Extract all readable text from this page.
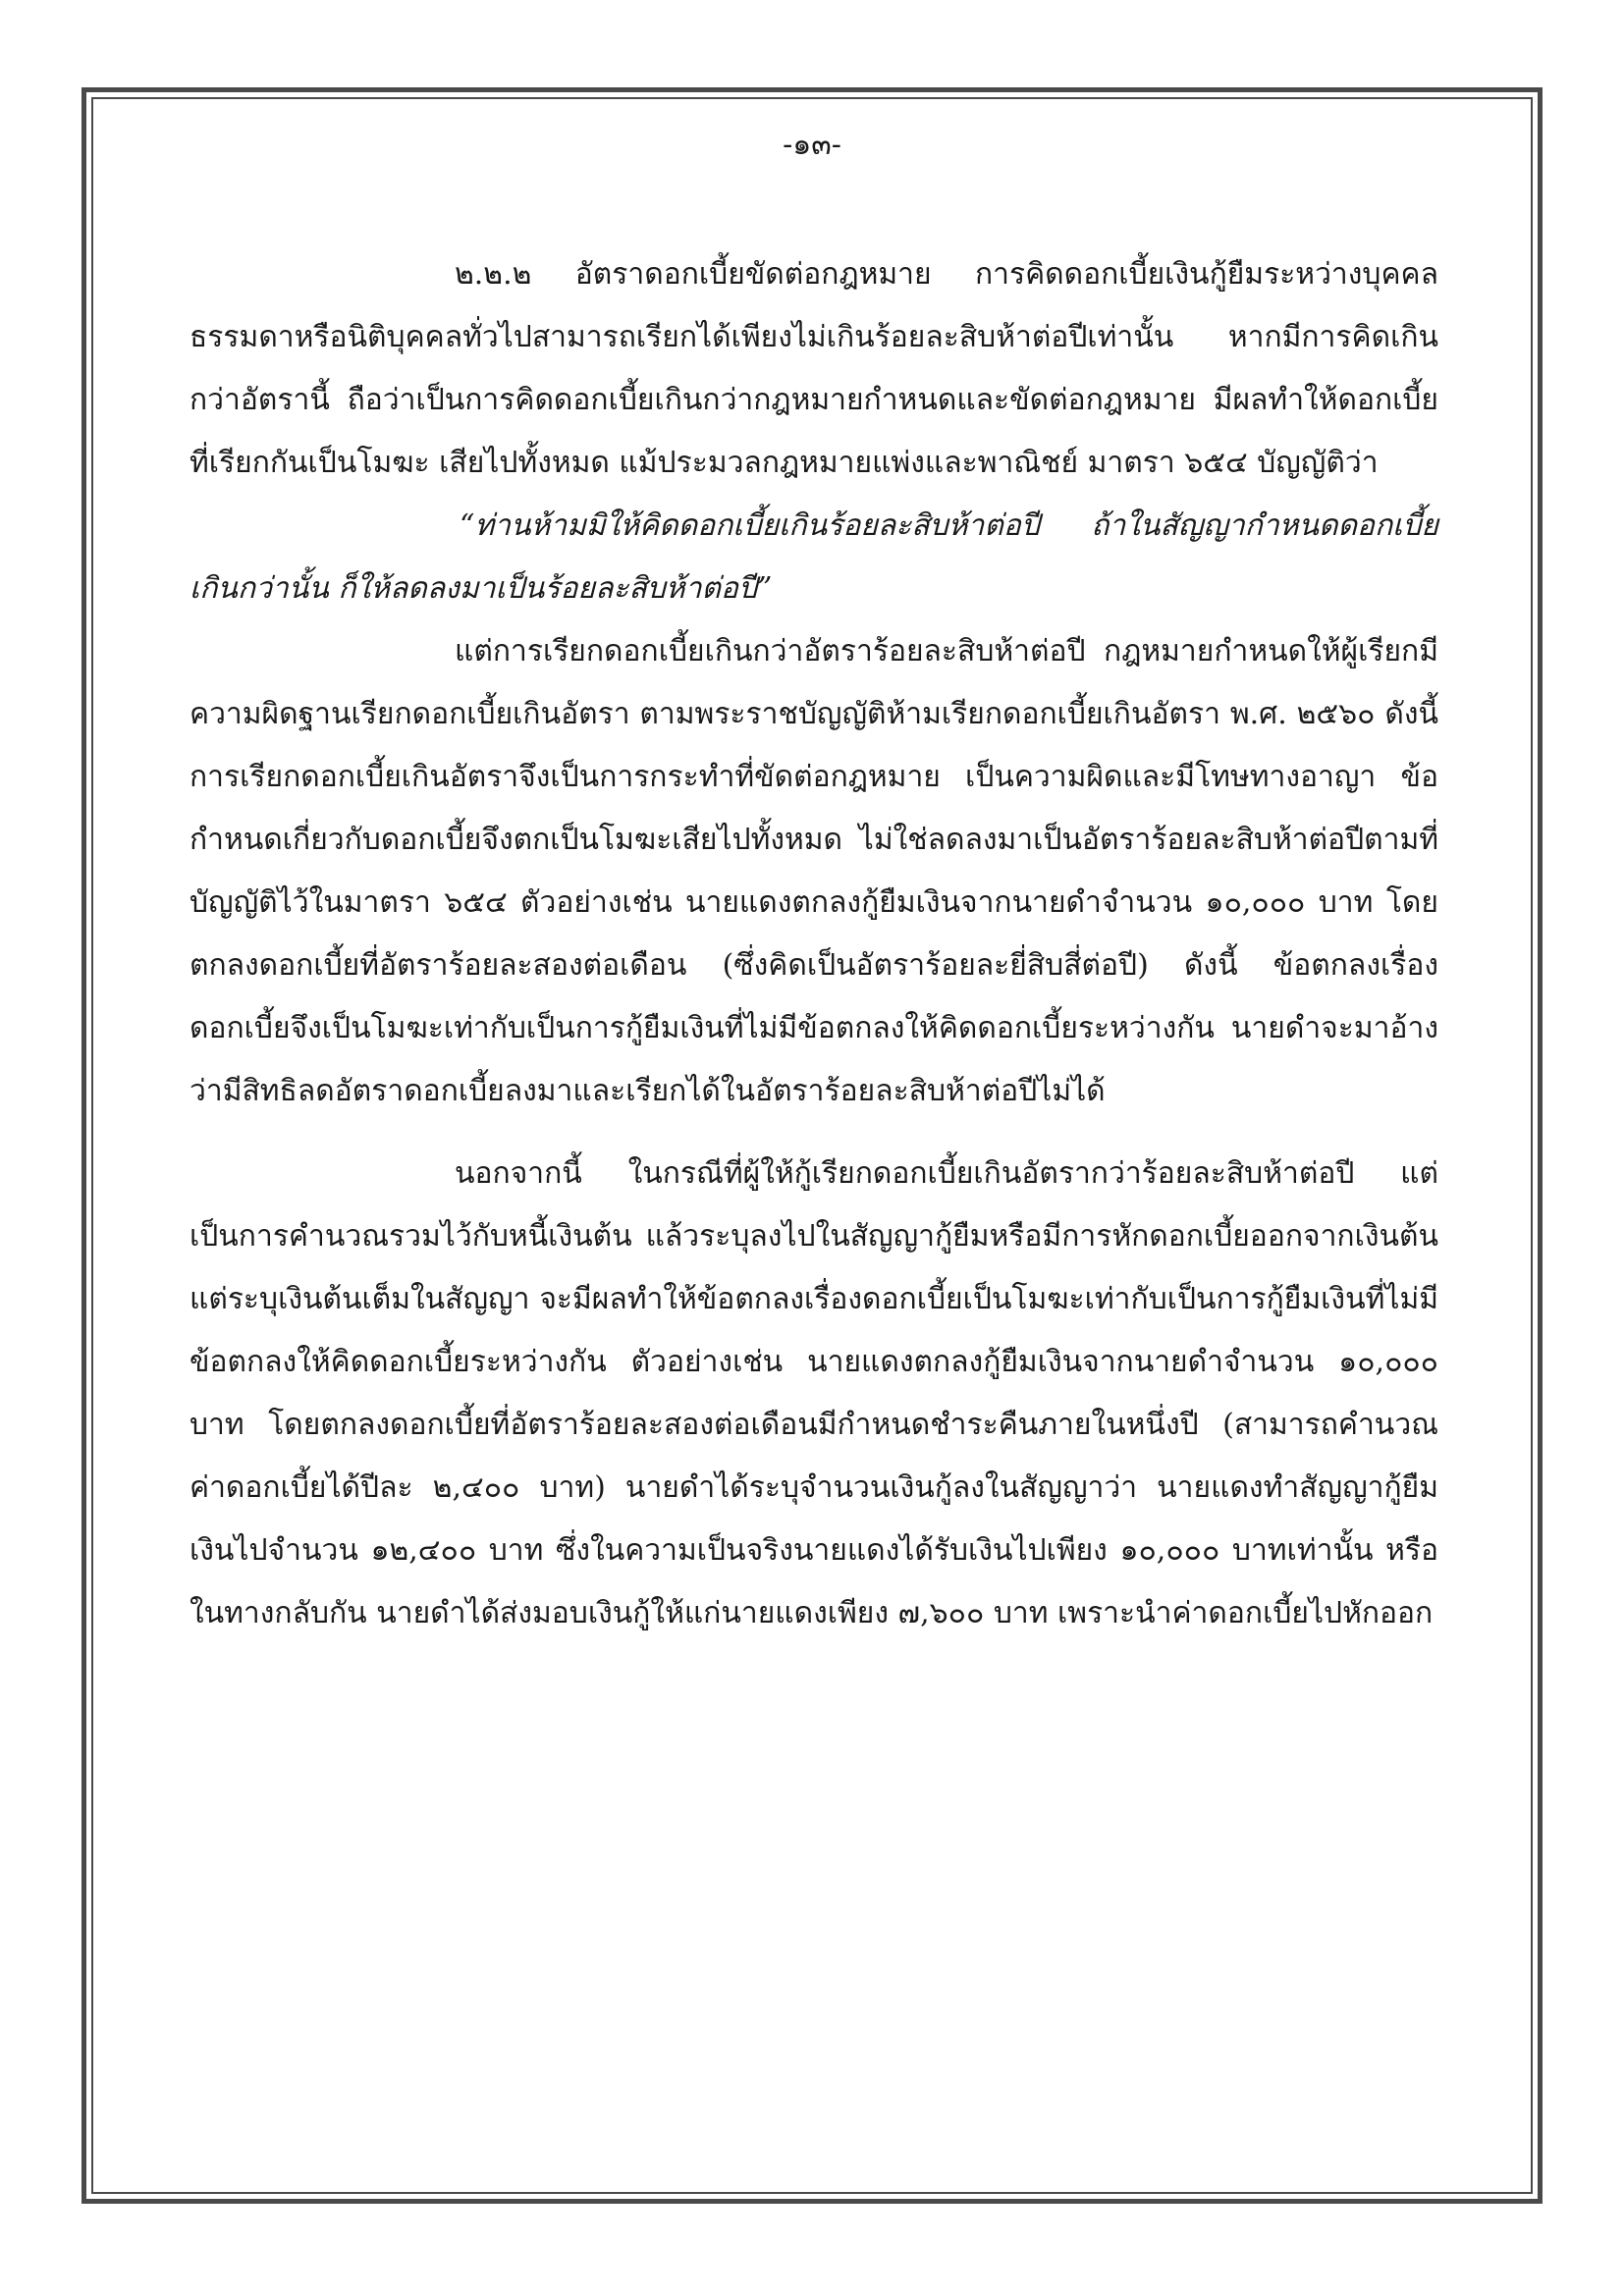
-๑๓-

๒.๒.๒ อัตราดอกเบี้ยขัดต่อกฎหมาย การคิดดอกเบี้ยเงินกู้ยืมระหว่างบุคคลธรรมดาหรือนิติบุคคลทั่วไปสามารถเรียกได้เพียงไม่เกินร้อยละสิบห้าต่อปีเท่านั้น หากมีการคิดเกินกว่าอัตรานี้ ถือว่าเป็นการคิดดอกเบี้ยเกินกว่ากฎหมายกำหนดและขัดต่อกฎหมาย มีผลทำให้ดอกเบี้ยที่เรียกกันเป็นโมฆะ เสียไปทั้งหมด แม้ประมวลกฎหมายแพ่งและพาณิชย์ มาตรา ๖๕๔ บัญญัติว่า

“ท่านห้ามมิให้คิดดอกเบี้ยเกินร้อยละสิบห้าต่อปี ถ้าในสัญญากำหนดดอกเบี้ยเกินกว่านั้น ก็ให้ลดลงมาเป็นร้อยละสิบห้าต่อปี”

แต่การเรียกดอกเบี้ยเกินกว่าอัตราร้อยละสิบห้าต่อปี กฎหมายกำหนดให้ผู้เรียกมีความผิดฐานเรียกดอกเบี้ยเกินอัตรา ตามพระราชบัญญัติห้ามเรียกดอกเบี้ยเกินอัตรา พ.ศ. ๒๕๖๐ ดังนี้ การเรียกดอกเบี้ยเกินอัตราจึงเป็นการกระทำที่ขัดต่อกฎหมาย เป็นความผิดและมีโทษทางอาญา ข้อกำหนดเกี่ยวกับดอกเบี้ยจึงตกเป็นโมฆะเสียไปทั้งหมด ไม่ใช่ลดลงมาเป็นอัตราร้อยละสิบห้าต่อปีตามที่บัญญัติไว้ในมาตรา ๖๕๔ ตัวอย่างเช่น นายแดงตกลงกู้ยืมเงินจากนายดำจำนวน ๑๐,๐๐๐ บาท โดยตกลงดอกเบี้ยที่อัตราร้อยละสองต่อเดือน (ซึ่งคิดเป็นอัตราร้อยละยี่สิบสี่ต่อปี) ดังนี้ ข้อตกลงเรื่องดอกเบี้ยจึงเป็นโมฆะเท่ากับเป็นการกู้ยืมเงินที่ไม่มีข้อตกลงให้คิดดอกเบี้ยระหว่างกัน นายดำจะมาอ้างว่ามีสิทธิลดอัตราดอกเบี้ยลงมาและเรียกได้ในอัตราร้อยละสิบห้าต่อปีไม่ได้

นอกจากนี้ ในกรณีที่ผู้ให้กู้เรียกดอกเบี้ยเกินอัตรากว่าร้อยละสิบห้าต่อปี แต่เป็นการคำนวณรวมไว้กับหนี้เงินต้น แล้วระบุลงไปในสัญญากู้ยืมหรือมีการหักดอกเบี้ยออกจากเงินต้น แต่ระบุเงินต้นเต็มในสัญญา จะมีผลทำให้ข้อตกลงเรื่องดอกเบี้ยเป็นโมฆะเท่ากับเป็นการกู้ยืมเงินที่ไม่มีข้อตกลงให้คิดดอกเบี้ยระหว่างกัน ตัวอย่างเช่น นายแดงตกลงกู้ยืมเงินจากนายดำจำนวน ๑๐,๐๐๐ บาท โดยตกลงดอกเบี้ยที่อัตราร้อยละสองต่อเดือนมีกำหนดชำระคืนภายในหนึ่งปี (สามารถคำนวณค่าดอกเบี้ยได้ปีละ ๒,๔๐๐ บาท) นายดำได้ระบุจำนวนเงินกู้ลงในสัญญาว่า นายแดงทำสัญญากู้ยืมเงินไปจำนวน ๑๒,๔๐๐ บาท ซึ่งในความเป็นจริงนายแดงได้รับเงินไปเพียง ๑๐,๐๐๐ บาทเท่านั้น หรือในทางกลับกัน นายดำได้ส่งมอบเงินกู้ให้แก่นายแดงเพียง ๗,๖๐๐ บาท เพราะนำค่าดอกเบี้ยไปหักออก
